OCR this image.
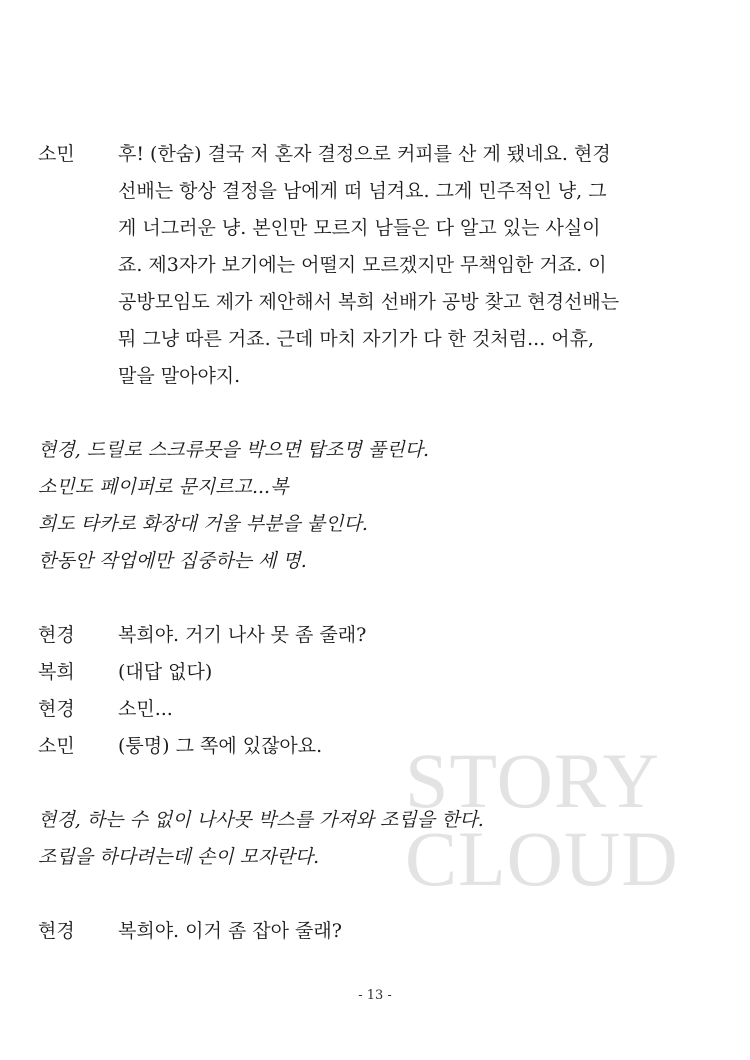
STORY
CLOUD
소민	후! (한숨) 결국 저 혼자 결정으로 커피를 산 게 됐네요. 현경
선배는 항상 결정을 남에게 떠 넘겨요. 그게 민주적인 냥, 그
게 너그러운 냥. 본인만 모르지 남들은 다 알고 있는 사실이
죠. 제3자가 보기에는 어떨지 모르겠지만 무책임한 거죠. 이
공방모임도 제가 제안해서 복희 선배가 공방 찾고 현경선배는
뭐 그냥 따른 거죠. 근데 마치 자기가 다 한 것처럼... 어휴,
말을 말아야지.
현경, 드릴로 스크류못을 박으면 탑조명 풀린다.
소민도 페이퍼로 문지르고...복
희도 타카로 화장대 거울 부분을 붙인다.
한동안 작업에만 집중하는 세 명.
현경	복희야. 거기 나사 못 좀 줄래?
복희	(대답 없다)
현경	소민...
소민	(퉁명) 그 쪽에 있잖아요.
현경, 하는 수 없이 나사못 박스를 가져와 조립을 한다.
조립을 하다려는데 손이 모자란다.
현경	복희야. 이거 좀 잡아 줄래?
- 13 -
